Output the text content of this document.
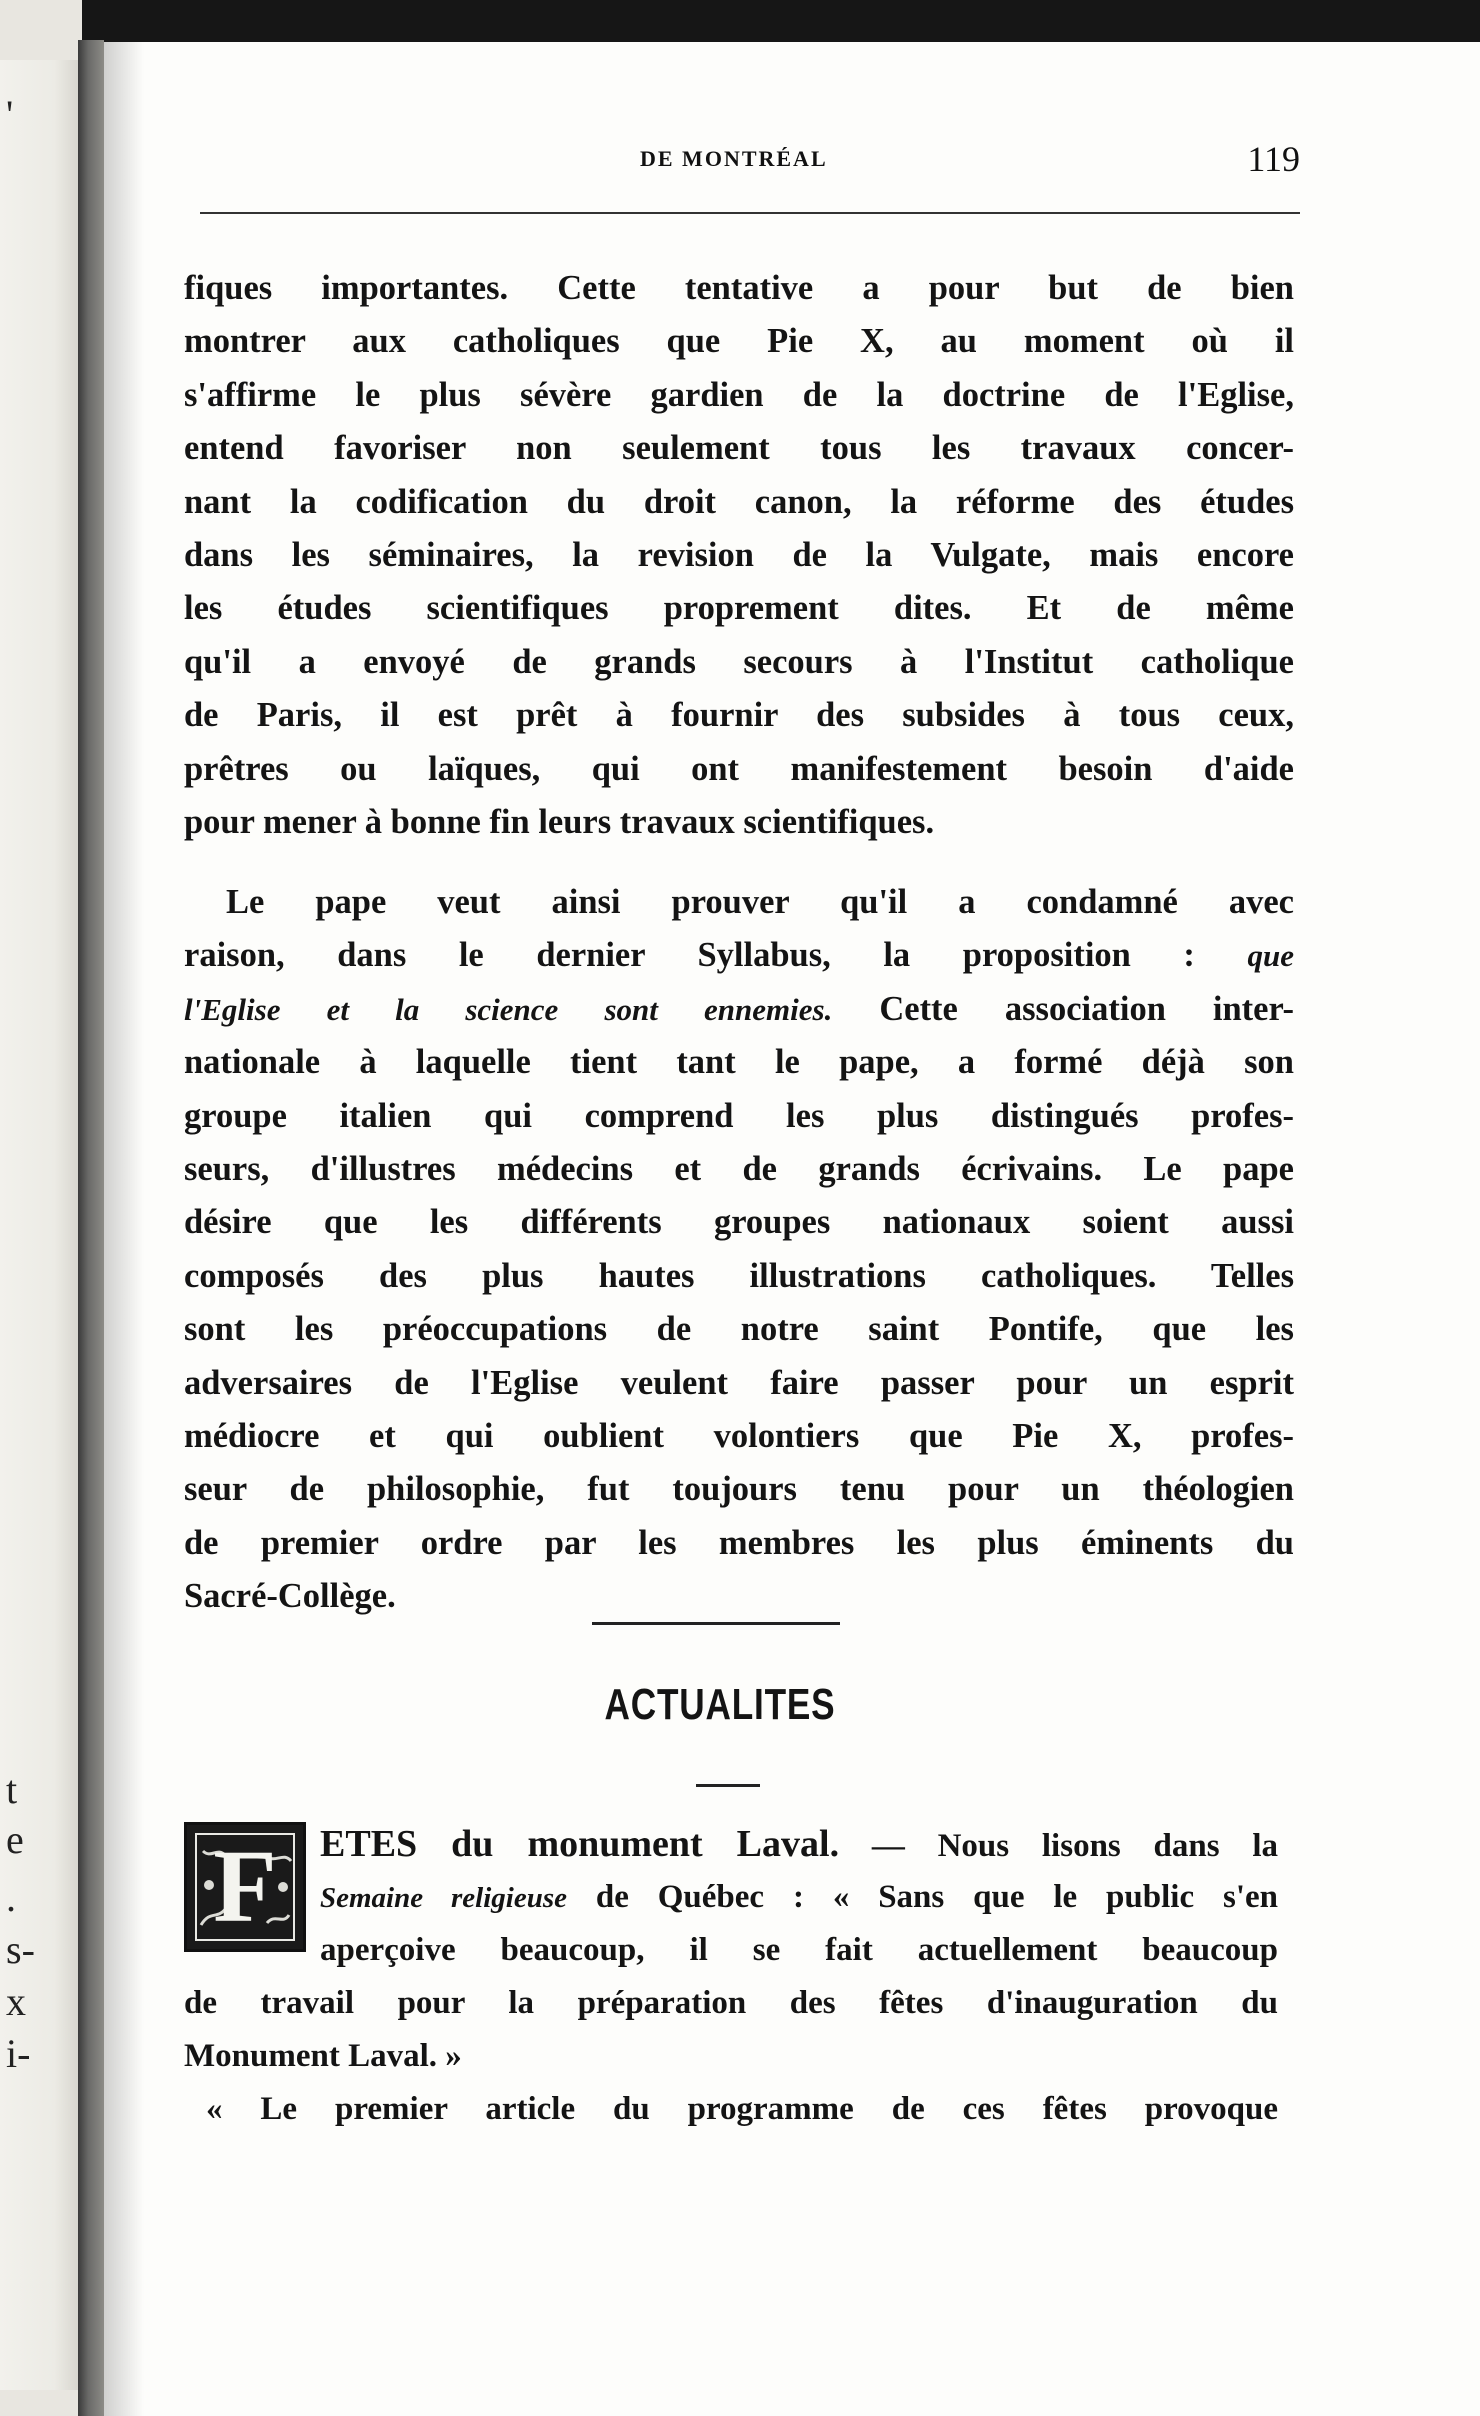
'
t
e
.
s-
x
i-
DE MONTRÉAL	119
fiques importantes. Cette tentative a pour but de bien
montrer aux catholiques que Pie X, au moment où il
s'affirme le plus sévère gardien de la doctrine de l'Eglise,
entend favoriser non seulement tous les travaux concer-
nant la codification du droit canon, la réforme des études
dans les séminaires, la revision de la Vulgate, mais encore
les études scientifiques proprement dites. Et de même
qu'il a envoyé de grands secours à l'Institut catholique
de Paris, il est prêt à fournir des subsides à tous ceux,
prêtres ou laïques, qui ont manifestement besoin d'aide
pour mener à bonne fin leurs travaux scientifiques.
Le pape veut ainsi prouver qu'il a condamné avec
raison, dans le dernier Syllabus, la proposition : que
l'Eglise et la science sont ennemies. Cette association inter-
nationale à laquelle tient tant le pape, a formé déjà son
groupe italien qui comprend les plus distingués profes-
seurs, d'illustres médecins et de grands écrivains. Le pape
désire que les différents groupes nationaux soient aussi
composés des plus hautes illustrations catholiques. Telles
sont les préoccupations de notre saint Pontife, que les
adversaires de l'Eglise veulent faire passer pour un esprit
médiocre et qui oublient volontiers que Pie X, profes-
seur de philosophie, fut toujours tenu pour un théologien
de premier ordre par les membres les plus éminents du
Sacré-Collège.
ACTUALITES
F ETES du monument Laval. — Nous lisons dans la
Semaine religieuse de Québec : « Sans que le public s'en
aperçoive beaucoup, il se fait actuellement beaucoup
de travail pour la préparation des fêtes d'inauguration du
Monument Laval. »
« Le premier article du programme de ces fêtes provoque
